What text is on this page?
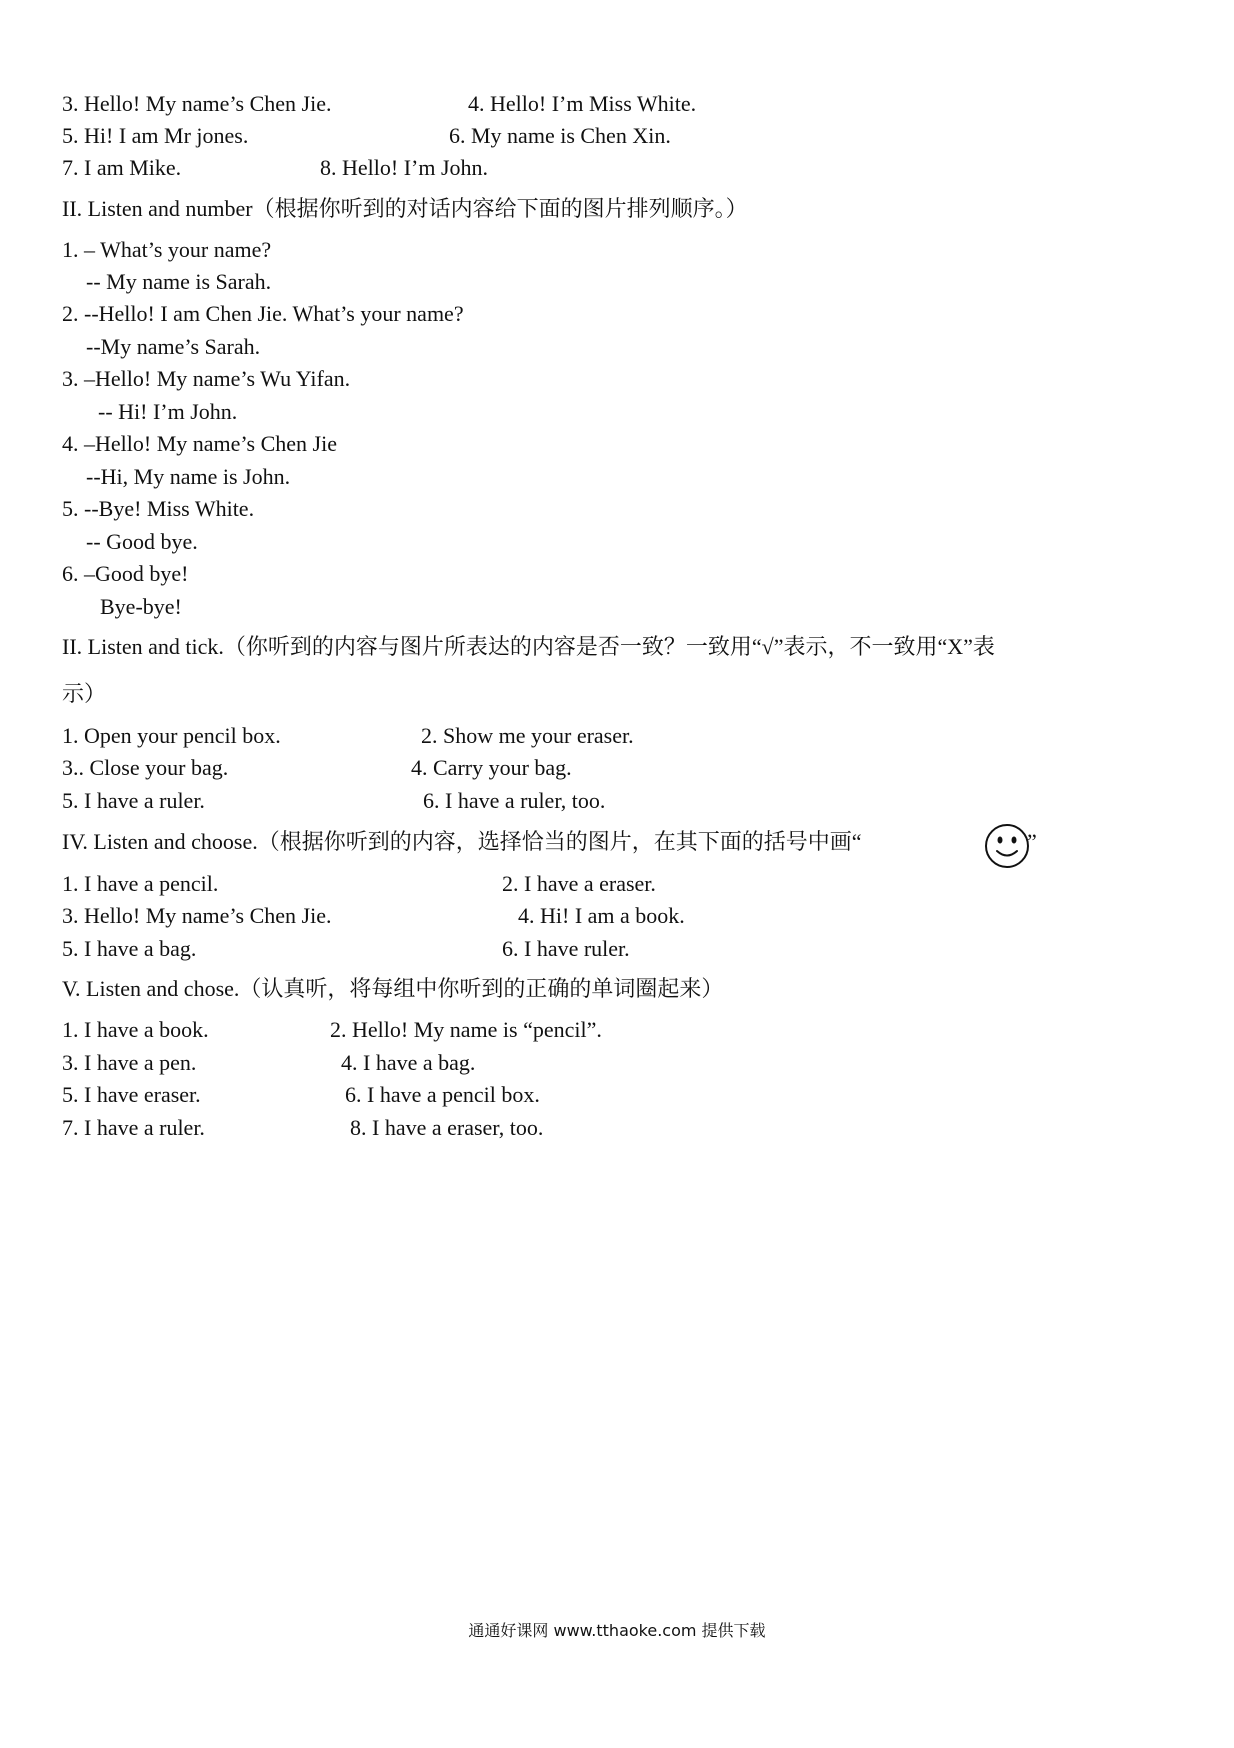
3. Hello! My name’s Chen Jie.	4. Hello! I’m Miss White.
5. Hi! I am Mr jones.	6. My name is Chen Xin.
7. I am Mike.	8. Hello! I’m John.
II. Listen and number（根据你听到的对话内容给下面的图片排列顺序。）
1. – What’s your name?
-- My name is Sarah.
2. --Hello! I am Chen Jie. What’s your name?
--My name’s Sarah.
3. –Hello! My name’s Wu Yifan.
-- Hi! I’m John.
4. –Hello! My name’s Chen Jie
--Hi, My name is John.
5. --Bye! Miss White.
-- Good bye.
6. –Good bye!
Bye-bye!
II. Listen and tick.（你听到的内容与图片所表达的内容是否一致？一致用“√”表示，不一致用“X”表
示）
1. Open your pencil box.	2. Show me your eraser.
3.. Close your bag.	4. Carry your bag.
5. I have a ruler.	6. I have a ruler, too.
IV. Listen and choose.（根据你听到的内容，选择恰当的图片，在其下面的括号中画“	”
1. I have a pencil.	2. I have a eraser.
3. Hello! My name’s Chen Jie.	4. Hi! I am a book.
5. I have a bag.	6. I have ruler.
V. Listen and chose.（认真听，将每组中你听到的正确的单词圈起来）
1. I have a book.	2. Hello! My name is “pencil”.
3. I have a pen.	4. I have a bag.
5. I have eraser.	6. I have a pencil box.
7. I have a ruler.	8. I have a eraser, too.
通通好课网 www.tthaoke.com 提供下载
